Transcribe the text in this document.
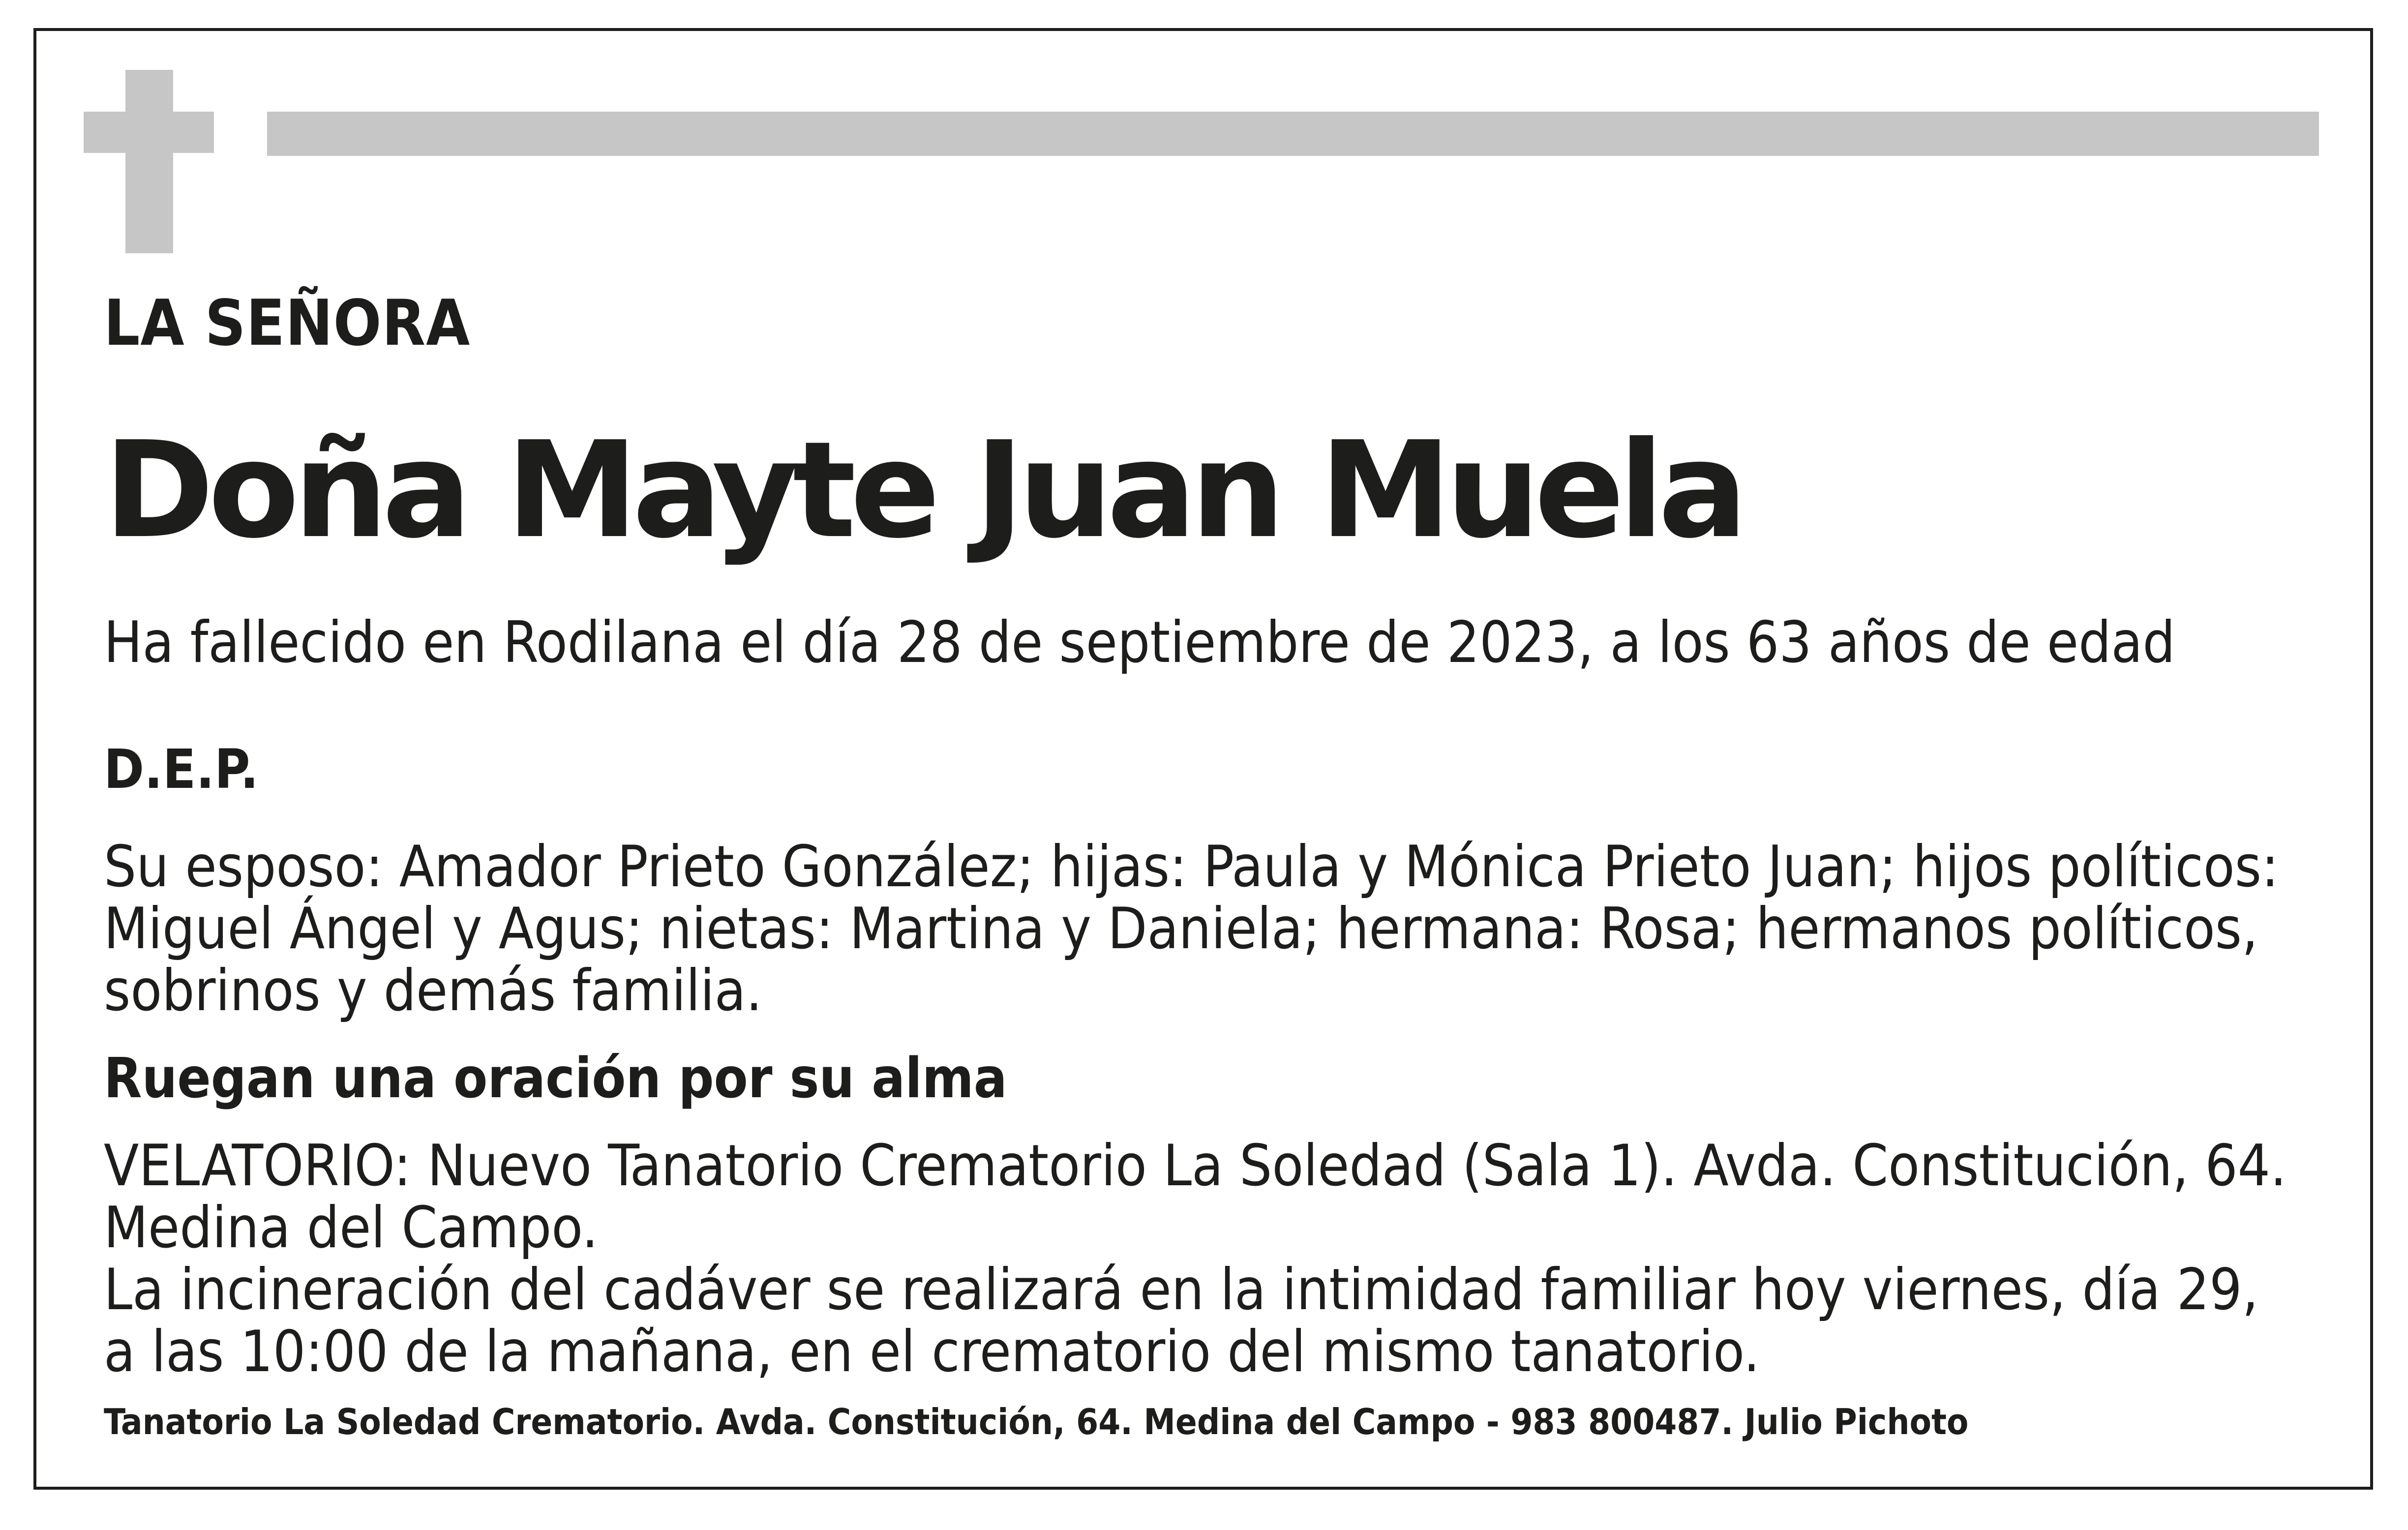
LA SEÑORA

Doña Mayte Juan Muela

Ha fallecido en Rodilana el día 28 de septiembre de 2023, a los 63 años de edad

D.E.P.

Su esposo: Amador Prieto González; hijas: Paula y Mónica Prieto Juan; hijos políticos:
Miguel Ángel y Agus; nietas: Martina y Daniela; hermana: Rosa; hermanos políticos,
sobrinos y demás familia.

Ruegan una oración por su alma

VELATORIO: Nuevo Tanatorio Crematorio La Soledad (Sala 1). Avda. Constitución, 64.
Medina del Campo.
La incineración del cadáver se realizará en la intimidad familiar hoy viernes, día 29,
a las 10:00 de la mañana, en el crematorio del mismo tanatorio.

Tanatorio La Soledad Crematorio. Avda. Constitución, 64. Medina del Campo - 983 800487. Julio Pichoto
